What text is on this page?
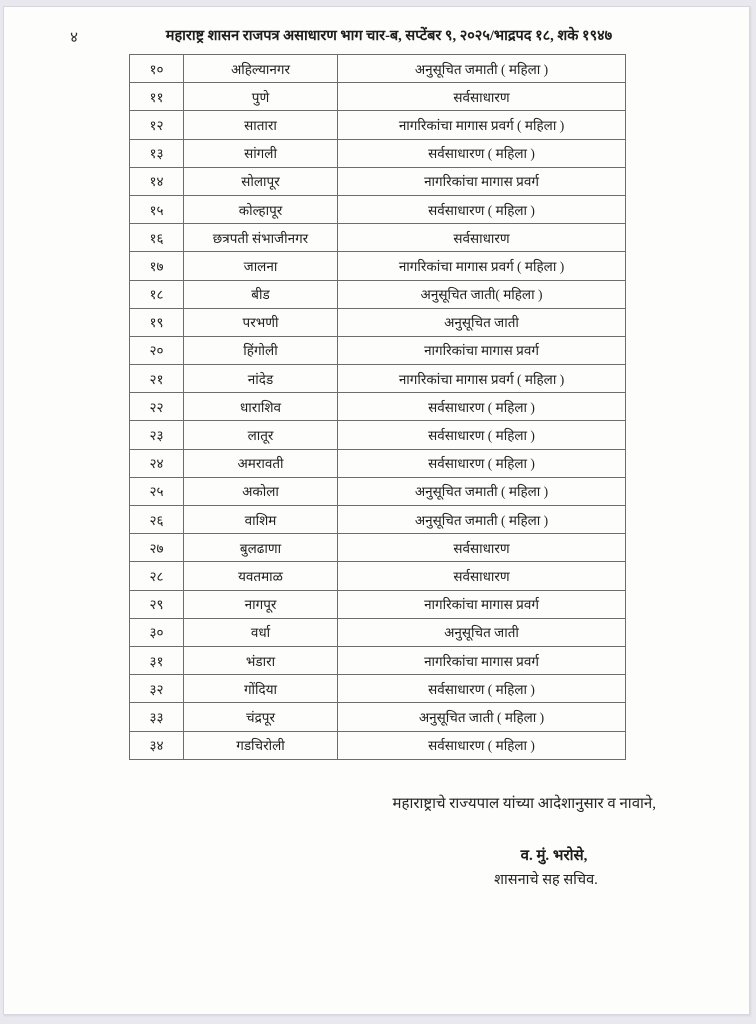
४	महाराष्ट्र शासन राजपत्र असाधारण भाग चार-ब, सप्टेंबर ९, २०२५/भाद्रपद १८, शके १९४७
१०	अहिल्यानगर	अनुसूचित जमाती ( महिला )
११	पुणे	सर्वसाधारण
१२	सातारा	नागरिकांचा मागास प्रवर्ग ( महिला )
१३	सांगली	सर्वसाधारण ( महिला )
१४	सोलापूर	नागरिकांचा मागास प्रवर्ग
१५	कोल्हापूर	सर्वसाधारण ( महिला )
१६	छत्रपती संभाजीनगर	सर्वसाधारण
१७	जालना	नागरिकांचा मागास प्रवर्ग ( महिला )
१८	बीड	अनुसूचित जाती( महिला )
१९	परभणी	अनुसूचित जाती
२०	हिंगोली	नागरिकांचा मागास प्रवर्ग
२१	नांदेड	नागरिकांचा मागास प्रवर्ग ( महिला )
२२	धाराशिव	सर्वसाधारण ( महिला )
२३	लातूर	सर्वसाधारण ( महिला )
२४	अमरावती	सर्वसाधारण ( महिला )
२५	अकोला	अनुसूचित जमाती ( महिला )
२६	वाशिम	अनुसूचित जमाती ( महिला )
२७	बुलढाणा	सर्वसाधारण
२८	यवतमाळ	सर्वसाधारण
२९	नागपूर	नागरिकांचा मागास प्रवर्ग
३०	वर्धा	अनुसूचित जाती
३१	भंडारा	नागरिकांचा मागास प्रवर्ग
३२	गोंदिया	सर्वसाधारण ( महिला )
३३	चंद्रपूर	अनुसूचित जाती ( महिला )
३४	गडचिरोली	सर्वसाधारण ( महिला )
महाराष्ट्राचे राज्यपाल यांच्या आदेशानुसार व नावाने,
व. मुं. भरोसे,
शासनाचे सह सचिव.
